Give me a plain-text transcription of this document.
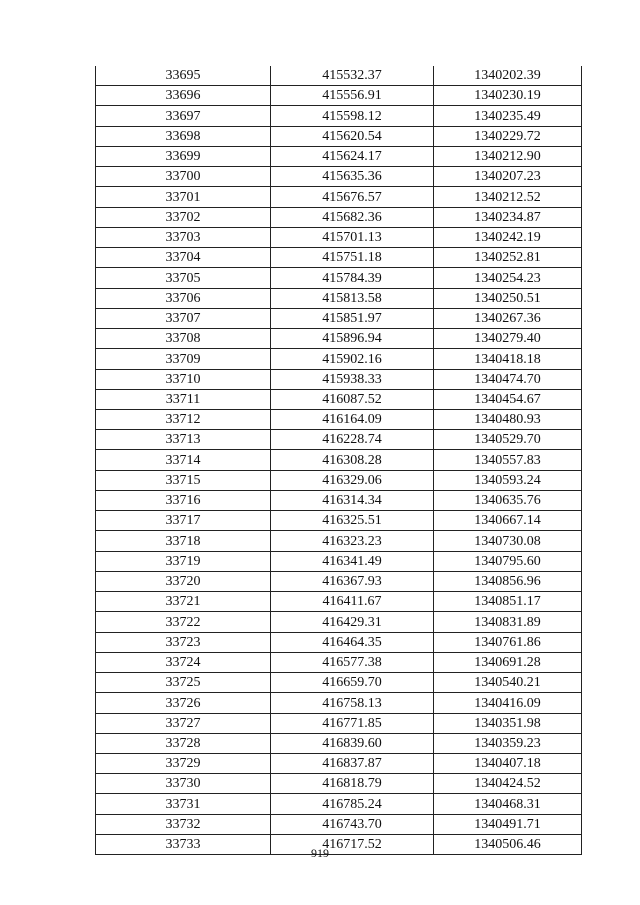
33695	415532.37	1340202.39
33696	415556.91	1340230.19
33697	415598.12	1340235.49
33698	415620.54	1340229.72
33699	415624.17	1340212.90
33700	415635.36	1340207.23
33701	415676.57	1340212.52
33702	415682.36	1340234.87
33703	415701.13	1340242.19
33704	415751.18	1340252.81
33705	415784.39	1340254.23
33706	415813.58	1340250.51
33707	415851.97	1340267.36
33708	415896.94	1340279.40
33709	415902.16	1340418.18
33710	415938.33	1340474.70
33711	416087.52	1340454.67
33712	416164.09	1340480.93
33713	416228.74	1340529.70
33714	416308.28	1340557.83
33715	416329.06	1340593.24
33716	416314.34	1340635.76
33717	416325.51	1340667.14
33718	416323.23	1340730.08
33719	416341.49	1340795.60
33720	416367.93	1340856.96
33721	416411.67	1340851.17
33722	416429.31	1340831.89
33723	416464.35	1340761.86
33724	416577.38	1340691.28
33725	416659.70	1340540.21
33726	416758.13	1340416.09
33727	416771.85	1340351.98
33728	416839.60	1340359.23
33729	416837.87	1340407.18
33730	416818.79	1340424.52
33731	416785.24	1340468.31
33732	416743.70	1340491.71
33733	416717.52	1340506.46
919
